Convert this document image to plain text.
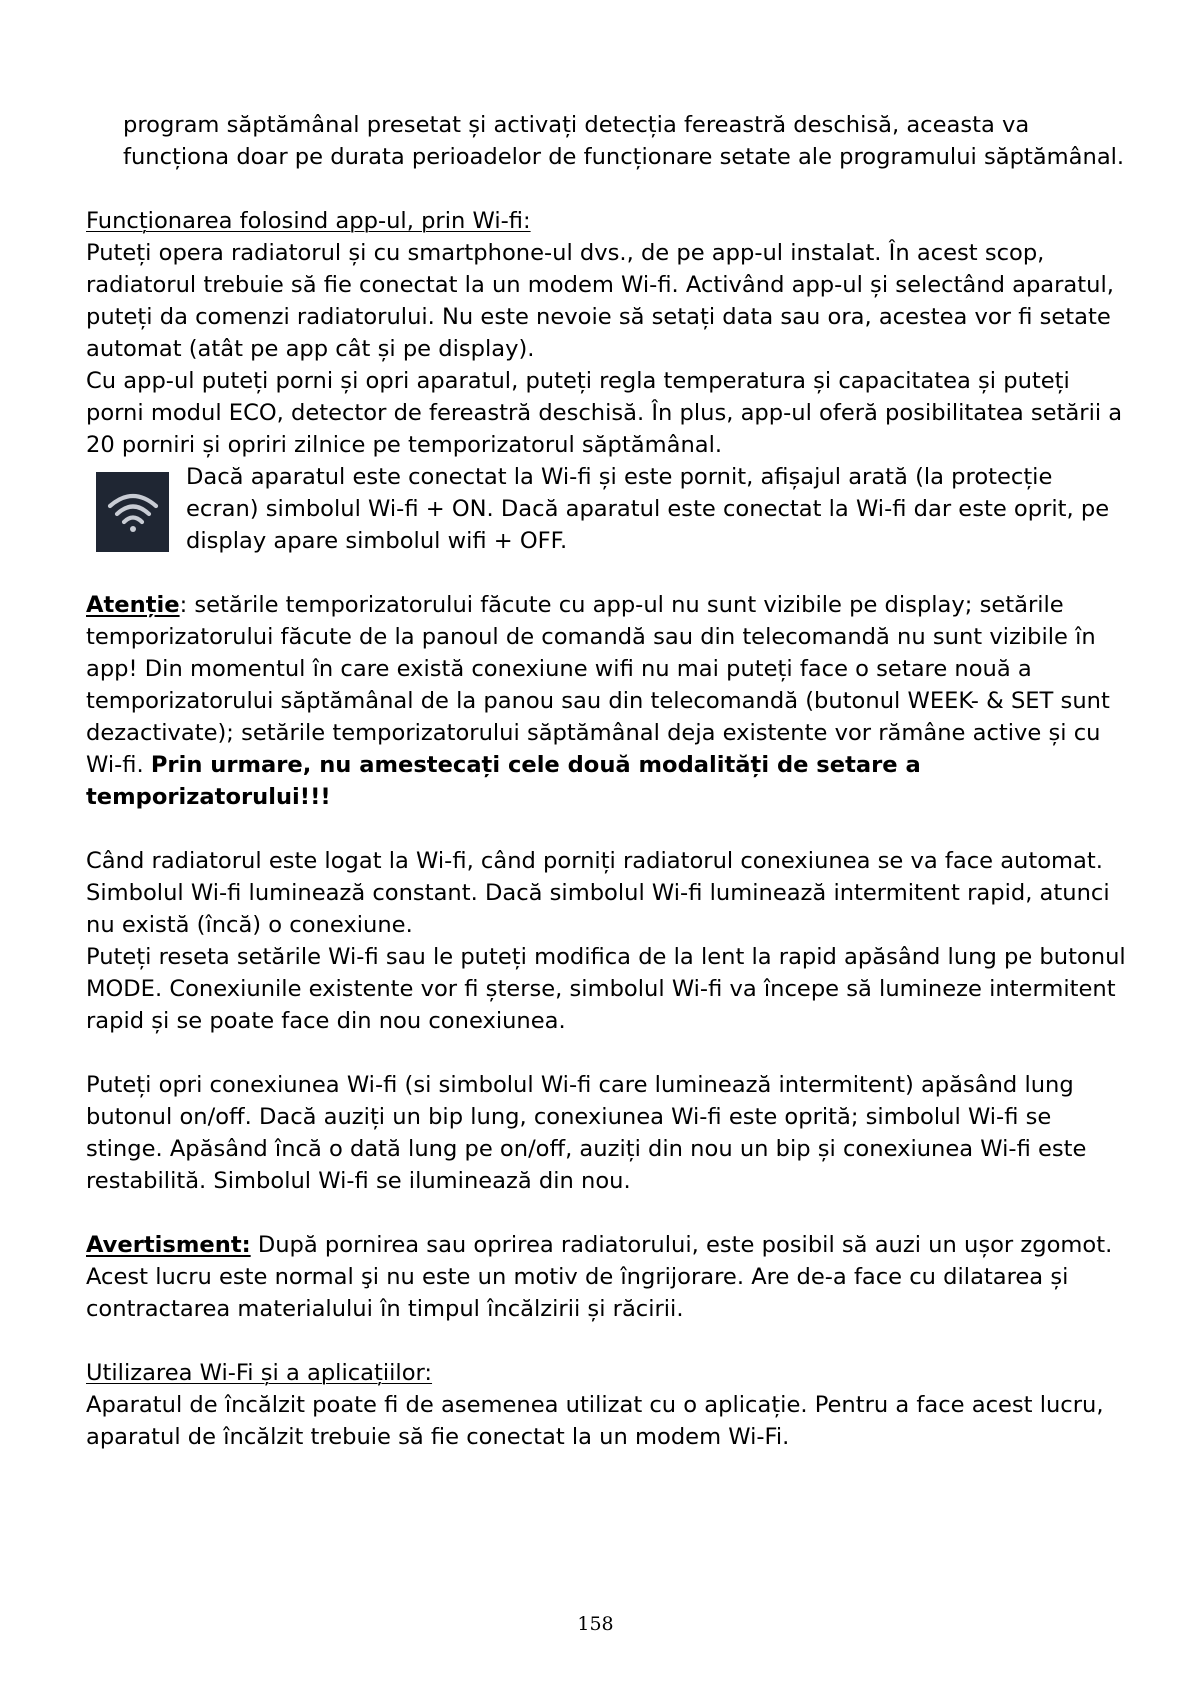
program săptămânal presetat și activați detecția fereastră deschisă, aceasta va funcționa doar pe durata perioadelor de funcționare setate ale programului săptămânal.

Funcționarea folosind app-ul, prin Wi-fi:

Puteți opera radiatorul și cu smartphone-ul dvs., de pe app-ul instalat. În acest scop, radiatorul trebuie să fie conectat la un modem Wi-fi. Activând app-ul și selectând aparatul, puteți da comenzi radiatorului. Nu este nevoie să setați data sau ora, acestea vor fi setate automat (atât pe app cât și pe display).

Cu app-ul puteți porni și opri aparatul, puteți regla temperatura și capacitatea și puteți porni modul ECO, detector de fereastră deschisă. În plus, app-ul oferă posibilitatea setării a 20 porniri și opriri zilnice pe temporizatorul săptămânal.

Dacă aparatul este conectat la Wi-fi și este pornit, afișajul arată (la protecție ecran) simbolul Wi-fi + ON. Dacă aparatul este conectat la Wi-fi dar este oprit, pe display apare simbolul wifi + OFF.

Atenție: setările temporizatorului făcute cu app-ul nu sunt vizibile pe display; setările temporizatorului făcute de la panoul de comandă sau din telecomandă nu sunt vizibile în app! Din momentul în care există conexiune wifi nu mai puteți face o setare nouă a temporizatorului săptămânal de la panou sau din telecomandă (butonul WEEK- & SET sunt dezactivate); setările temporizatorului săptămânal deja existente vor rămâne active și cu Wi-fi. Prin urmare, nu amestecați cele două modalități de setare a temporizatorului!!!

Când radiatorul este logat la Wi-fi, când porniți radiatorul conexiunea se va face automat. Simbolul Wi-fi luminează constant. Dacă simbolul Wi-fi luminează intermitent rapid, atunci nu există (încă) o conexiune.

Puteți reseta setările Wi-fi sau le puteți modifica de la lent la rapid apăsând lung pe butonul MODE. Conexiunile existente vor fi șterse, simbolul Wi-fi va începe să lumineze intermitent rapid și se poate face din nou conexiunea.

Puteți opri conexiunea Wi-fi (si simbolul Wi-fi care luminează intermitent) apăsând lung butonul on/off. Dacă auziți un bip lung, conexiunea Wi-fi este oprită; simbolul Wi-fi se stinge. Apăsând încă o dată lung pe on/off, auziți din nou un bip și conexiunea Wi-fi este restabilită. Simbolul Wi-fi se iluminează din nou.

Avertisment: După pornirea sau oprirea radiatorului, este posibil să auzi un ușor zgomot. Acest lucru este normal şi nu este un motiv de îngrijorare. Are de-a face cu dilatarea și contractarea materialului în timpul încălzirii și răcirii.

Utilizarea Wi-Fi și a aplicațiilor:

Aparatul de încălzit poate fi de asemenea utilizat cu o aplicație. Pentru a face acest lucru, aparatul de încălzit trebuie să fie conectat la un modem Wi-Fi.

158
